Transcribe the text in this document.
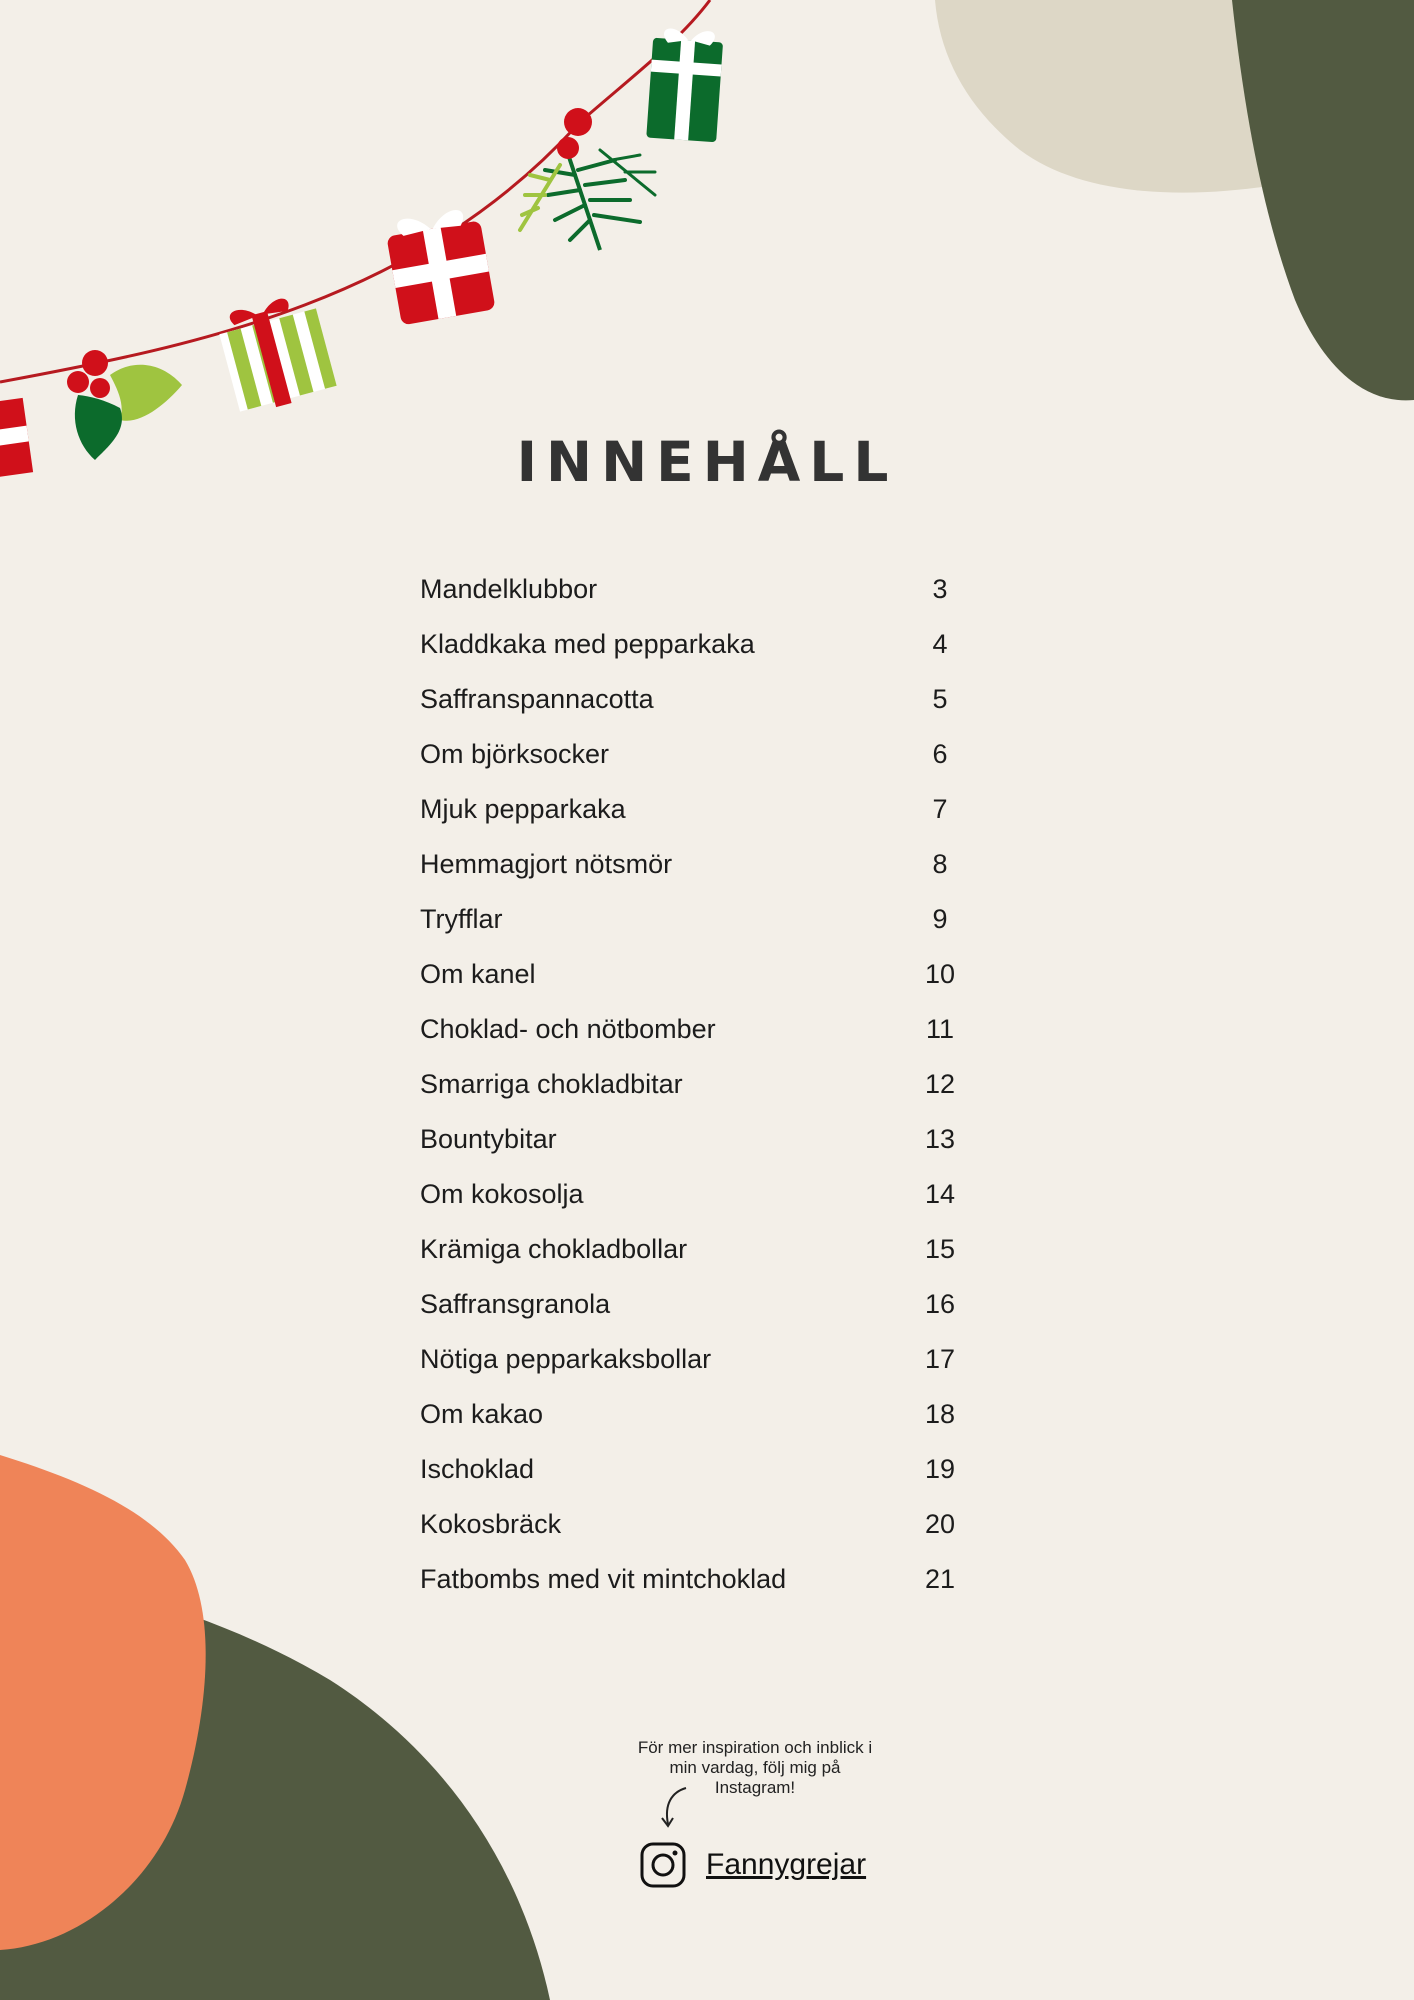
INNEHÅLL
Mandelklubbor	3
Kladdkaka med pepparkaka	4
Saffranspannacotta	5
Om björksocker	6
Mjuk pepparkaka	7
Hemmagjort nötsmör	8
Tryfflar	9
Om kanel	10
Choklad- och nötbomber	11
Smarriga chokladbitar	12
Bountybitar	13
Om kokosolja	14
Krämiga chokladbollar	15
Saffransgranola	16
Nötiga pepparkaksbollar	17
Om kakao	18
Ischoklad	19
Kokosbräck	20
Fatbombs med vit mintchoklad	21
För mer inspiration och inblick i min vardag, följ mig på Instagram!
Fannygrejar
